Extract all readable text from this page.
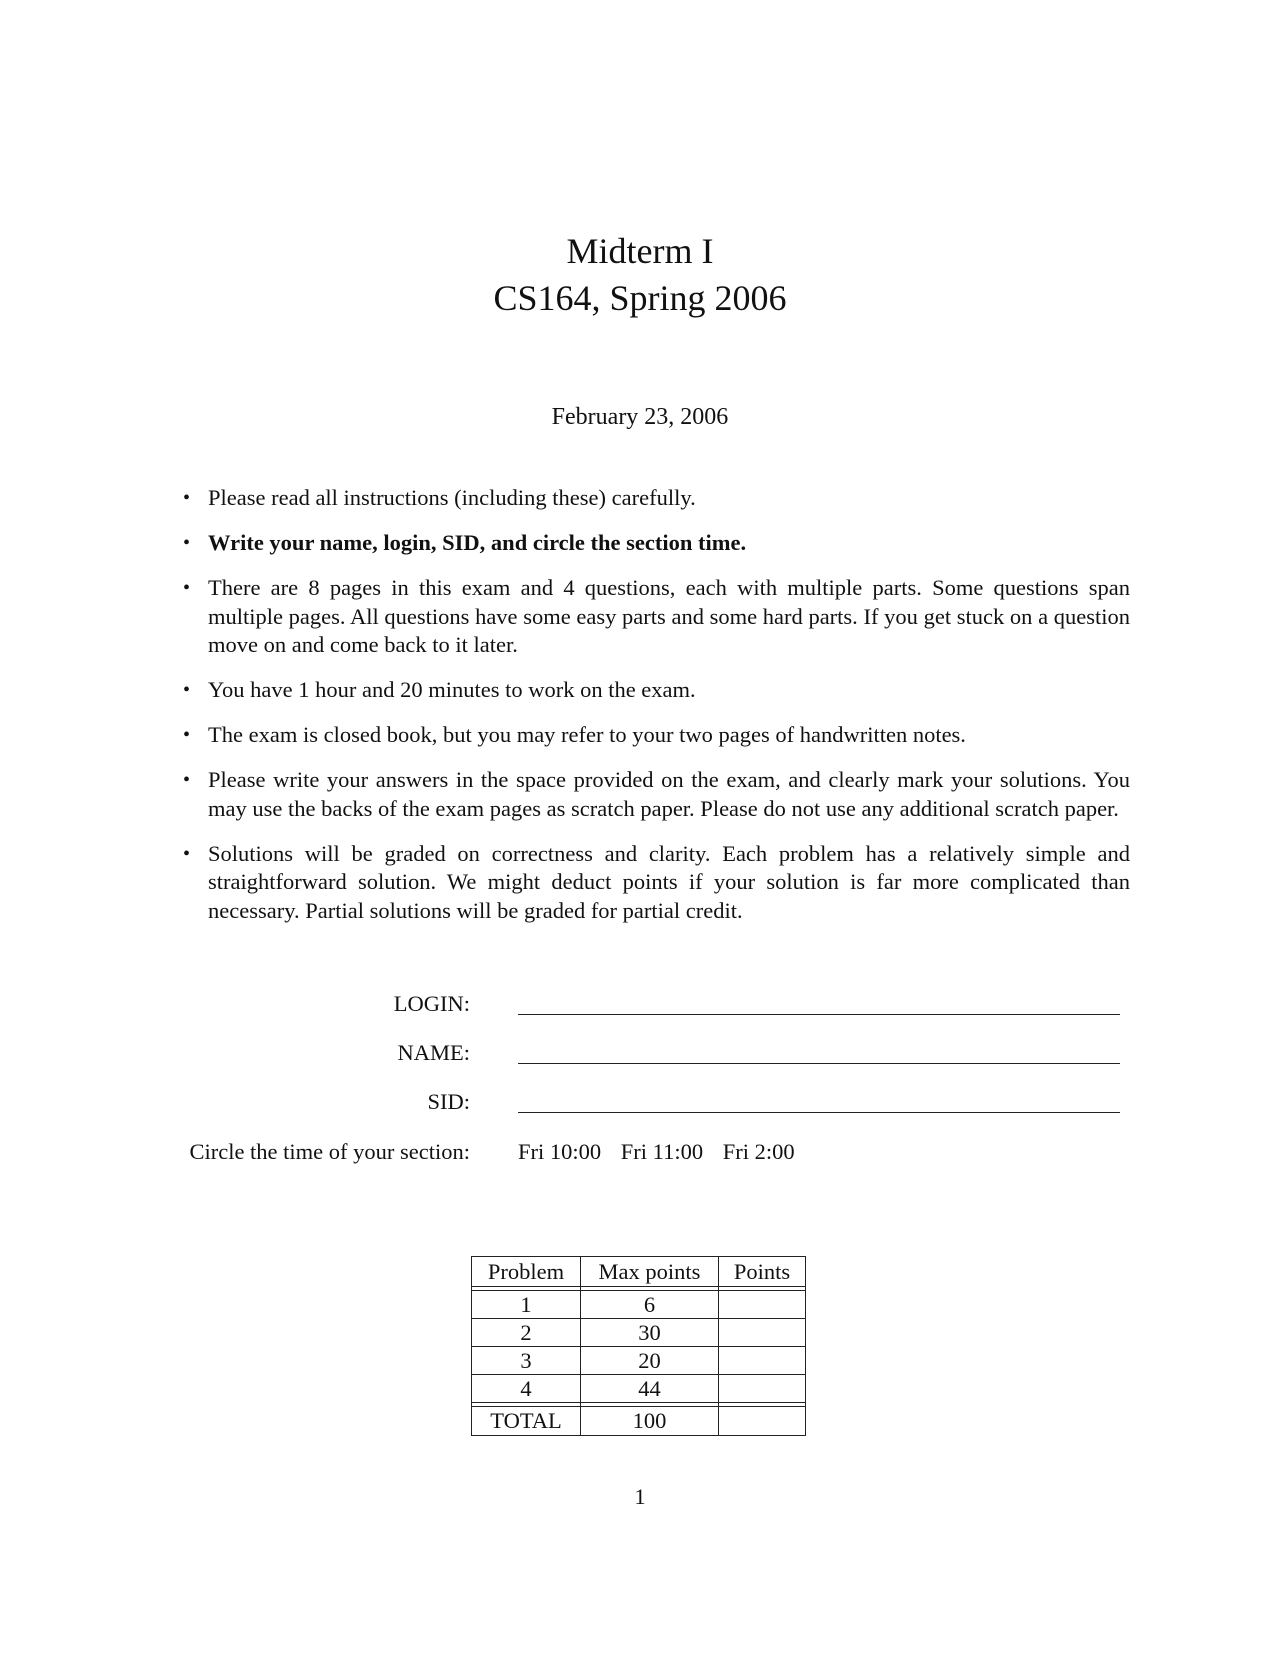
Midterm I
CS164, Spring 2006
February 23, 2006
• Please read all instructions (including these) carefully.
• Write your name, login, SID, and circle the section time.
• There are 8 pages in this exam and 4 questions, each with multiple parts. Some questions span multiple pages. All questions have some easy parts and some hard parts. If you get stuck on a question move on and come back to it later.
• You have 1 hour and 20 minutes to work on the exam.
• The exam is closed book, but you may refer to your two pages of handwritten notes.
• Please write your answers in the space provided on the exam, and clearly mark your solutions. You may use the backs of the exam pages as scratch paper. Please do not use any additional scratch paper.
• Solutions will be graded on correctness and clarity. Each problem has a relatively simple and straightforward solution. We might deduct points if your solution is far more complicated than necessary. Partial solutions will be graded for partial credit.
LOGIN:
NAME:
SID:
Circle the time of your section: Fri 10:00 Fri 11:00 Fri 2:00
Problem	Max points	Points

1	6	
2	30	
3	20	
4	44	

TOTAL	100	
1
